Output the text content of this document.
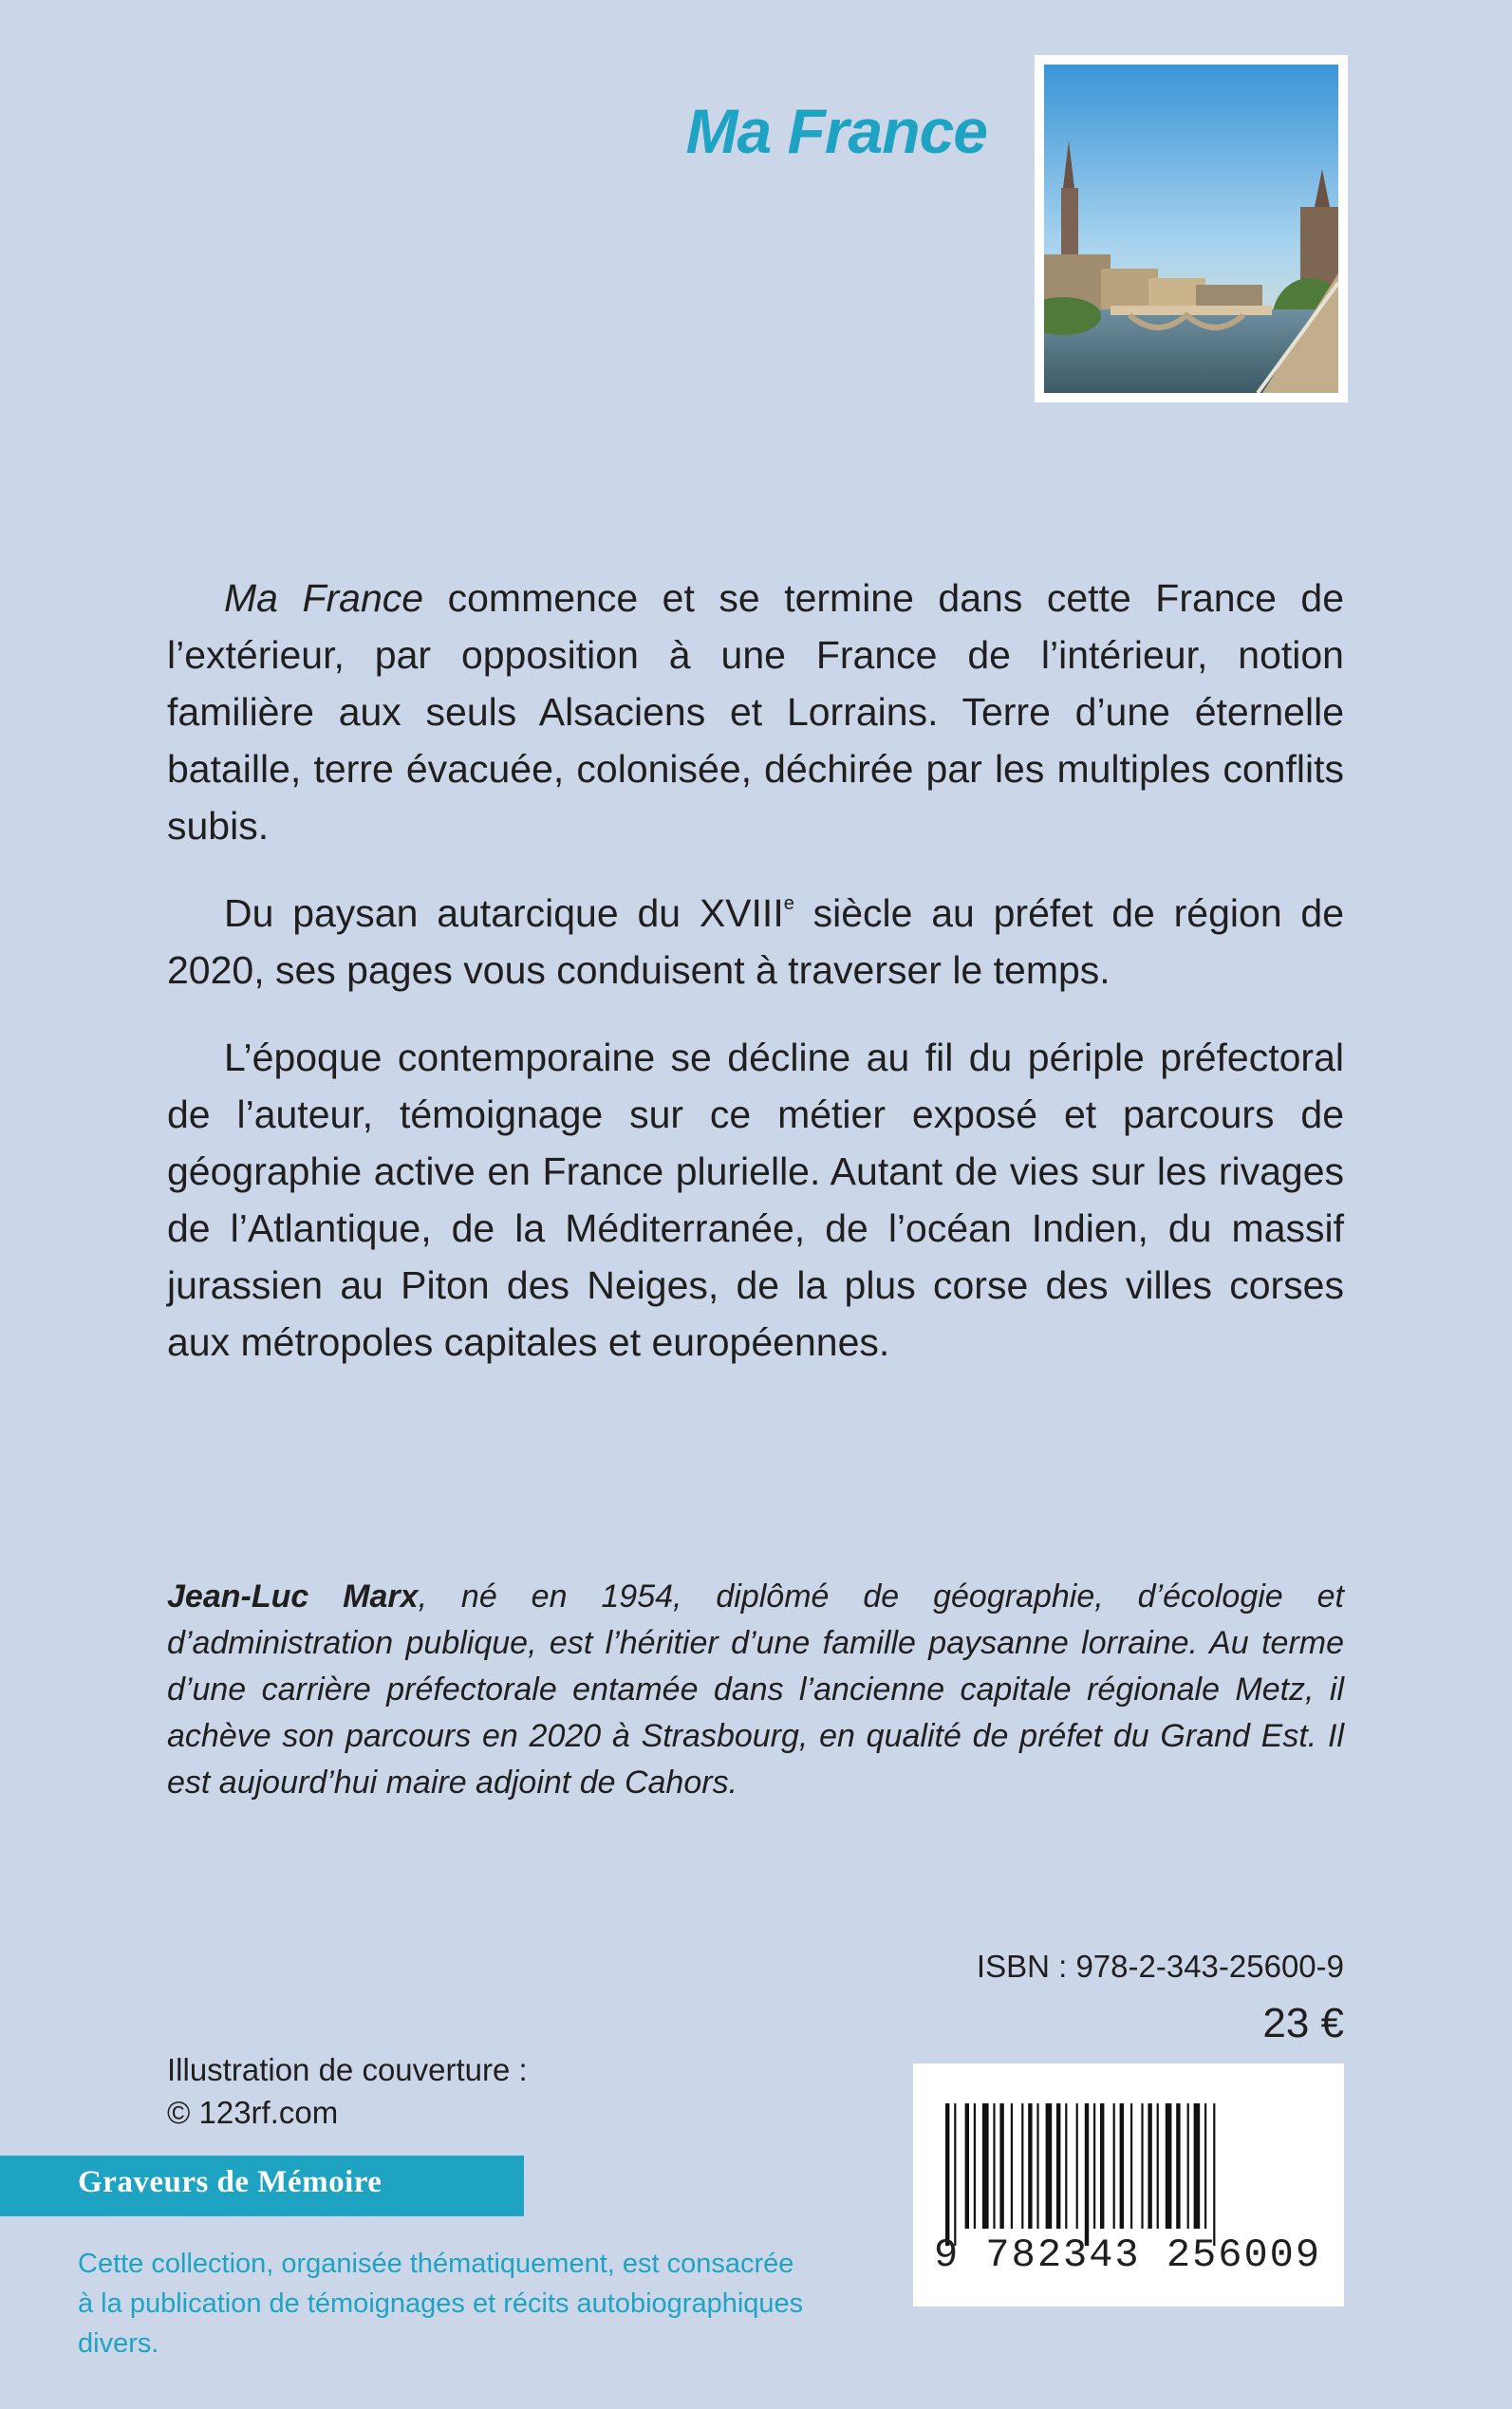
Ma France

Ma France commence et se termine dans cette France de l’extérieur, par opposition à une France de l’intérieur, notion familière aux seuls Alsaciens et Lorrains. Terre d’une éternelle bataille, terre évacuée, colonisée, déchirée par les multiples conflits subis.

Du paysan autarcique du XVIIIe siècle au préfet de région de 2020, ses pages vous conduisent à traverser le temps.

L’époque contemporaine se décline au fil du périple préfectoral de l’auteur, témoignage sur ce métier exposé et parcours de géographie active en France plurielle. Autant de vies sur les rivages de l’Atlantique, de la Méditerranée, de l’océan Indien, du massif jurassien au Piton des Neiges, de la plus corse des villes corses aux métropoles capitales et européennes.

Jean-Luc Marx, né en 1954, diplômé de géographie, d’écologie et d’administration publique, est l’héritier d’une famille paysanne lorraine. Au terme d’une carrière préfectorale entamée dans l’ancienne capitale régionale Metz, il achève son parcours en 2020 à Strasbourg, en qualité de préfet du Grand Est. Il est aujourd’hui maire adjoint de Cahors.
ISBN : 978-2-343-25600-9
23 €
Illustration de couverture :
© 123rf.com
9 782343 256009
Graveurs de Mémoire
Cette collection, organisée thématiquement, est consacrée
à la publication de témoignages et récits autobiographiques divers.
